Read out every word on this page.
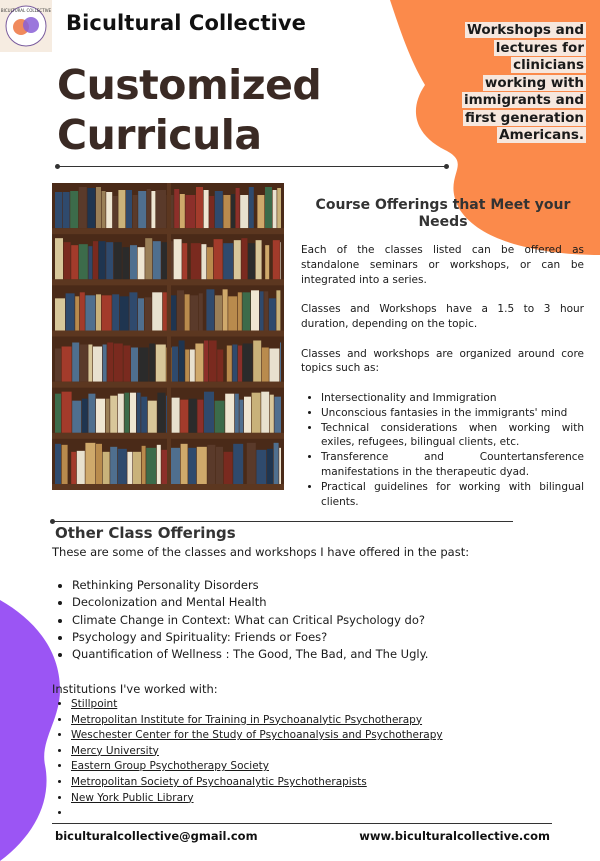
BICULTURAL COLLECTIVE
Bicultural Collective
Customized
Curricula
Workshops and lectures for clinicians working with immigrants and first generation Americans.
Course Offerings that Meet your Needs

Each of the classes listed can be offered as standalone seminars or workshops, or can be integrated into a series.

Classes and Workshops have a 1.5 to 3 hour duration, depending on the topic.

Classes and workshops are organized around core topics such as:

• Intersectionality and Immigration
• Unconscious fantasies in the immigrants' mind
• Technical considerations when working with exiles, refugees, bilingual clients, etc.
• Transference and Countertansference manifestations in the therapeutic dyad.
• Practical guidelines for working with bilingual clients.
Other Class Offerings
These are some of the classes and workshops I have offered in the past:
• Rethinking Personality Disorders
• Decolonization and Mental Health
• Climate Change in Context: What can Critical Psychology do?
• Psychology and Spirituality: Friends or Foes?
• Quantification of Wellness : The Good, The Bad, and The Ugly.
Institutions I've worked with:
• Stillpoint
• Metropolitan Institute for Training in Psychoanalytic Psychotherapy
• Weschester Center for the Study of Psychoanalysis and Psychotherapy
• Mercy University
• Eastern Group Psychotherapy Society
• Metropolitan Society of Psychoanalytic Psychotherapists
• New York Public Library
•
biculturalcollective@gmail.com	www.biculturalcollective.com
